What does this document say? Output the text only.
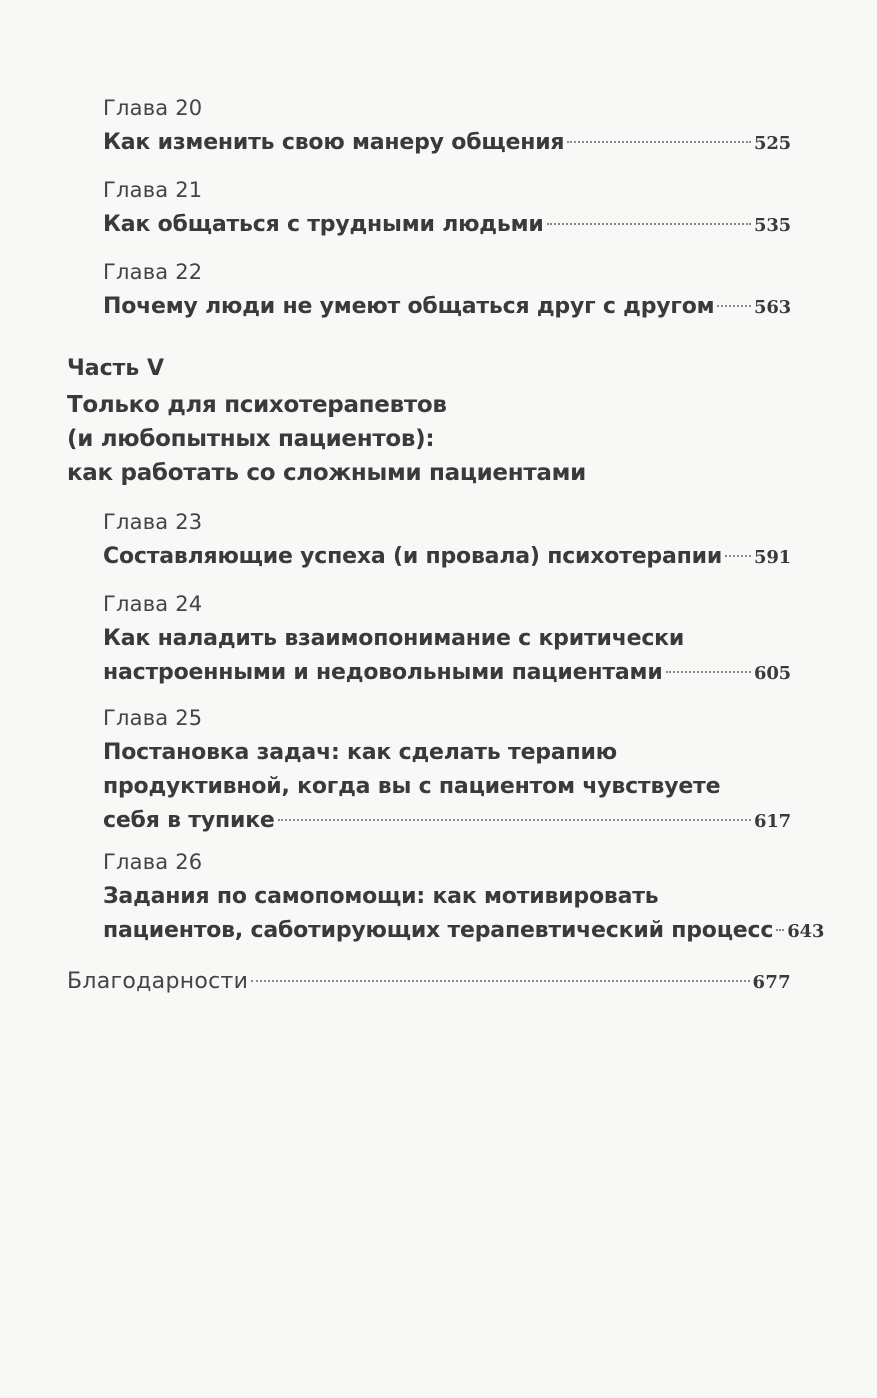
Глава 20
Как изменить свою манеру общения	525
Глава 21
Как общаться с трудными людьми	535
Глава 22
Почему люди не умеют общаться друг с другом 563
Часть V
Только для психотерапевтов
(и любопытных пациентов):
как работать со сложными пациентами
Глава 23
Составляющие успеха (и провала) психотерапии 591
Глава 24
Как наладить взаимопонимание с критически
настроенными и недовольными пациентами	605
Глава 25
Постановка задач: как сделать терапию
продуктивной, когда вы с пациентом чувствуете
себя в тупике	617
Глава 26
Задания по самопомощи: как мотивировать
пациентов, саботирующих терапевтический процесс 643
Благодарности	677
